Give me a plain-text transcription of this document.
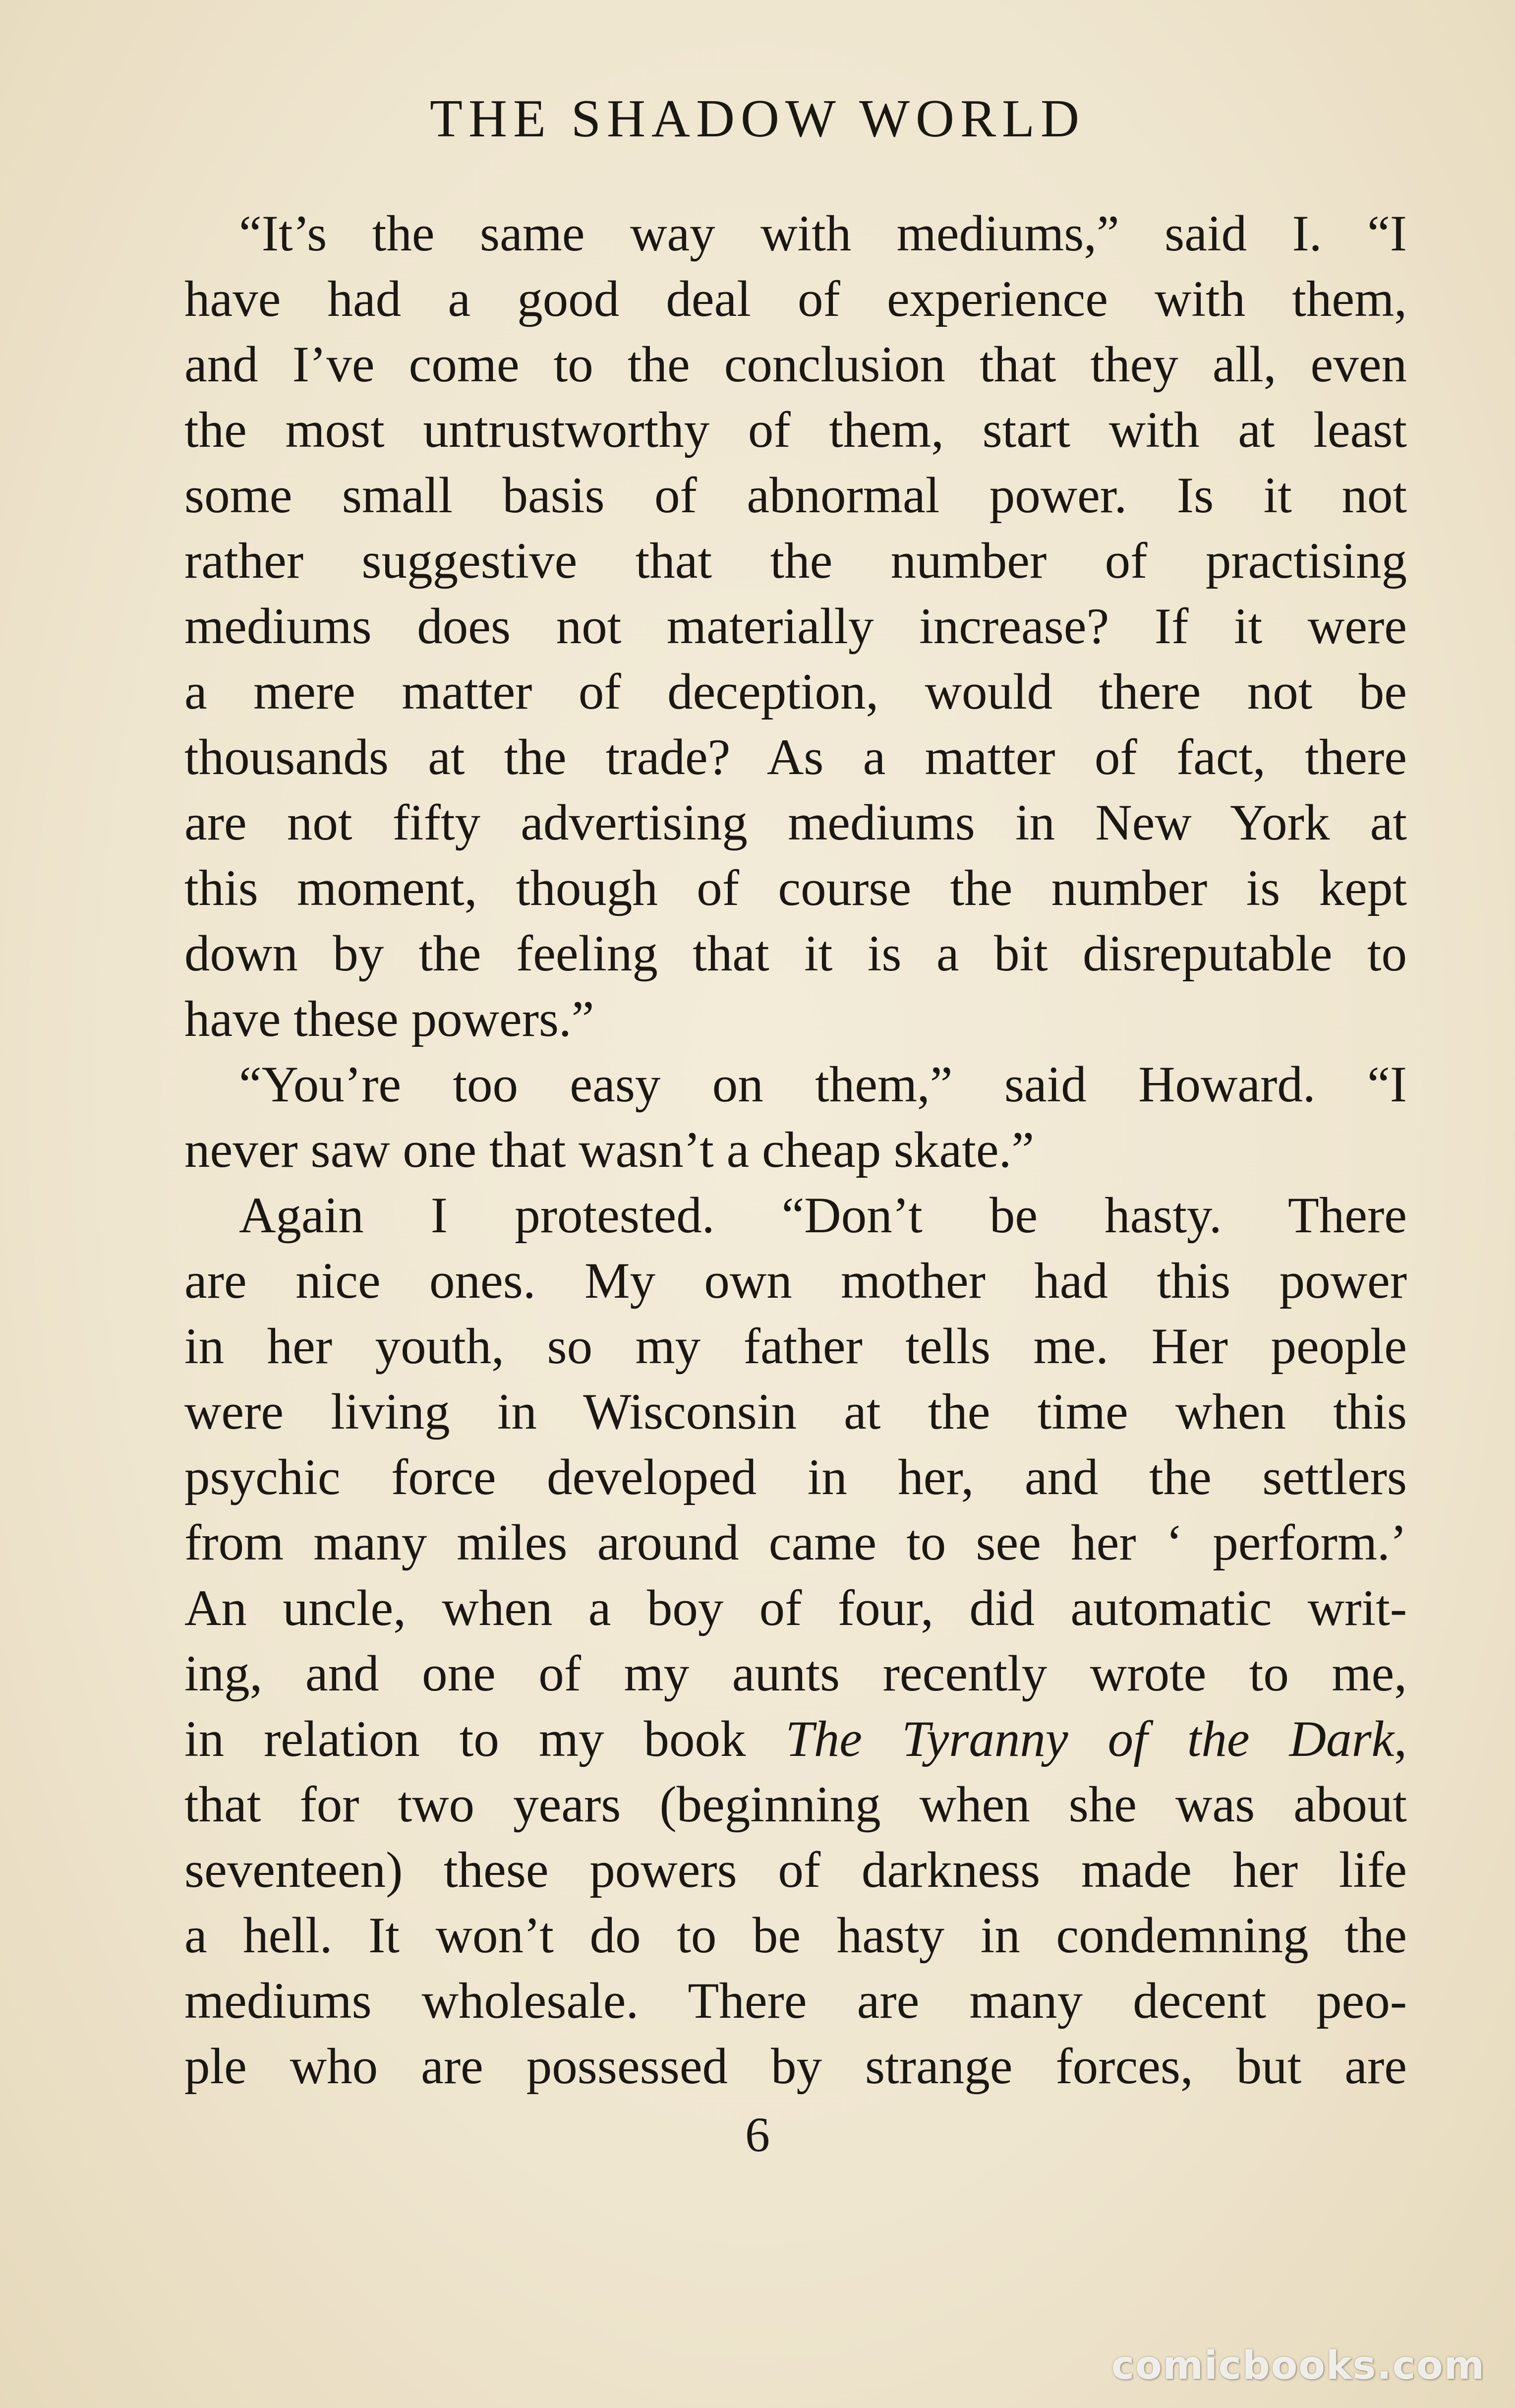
THE SHADOW WORLD
“It’s the same way with mediums,” said I. “I
have had a good deal of experience with them,
and I’ve come to the conclusion that they all, even
the most untrustworthy of them, start with at least
some small basis of abnormal power. Is it not
rather suggestive that the number of practising
mediums does not materially increase? If it were
a mere matter of deception, would there not be
thousands at the trade? As a matter of fact, there
are not fifty advertising mediums in New York at
this moment, though of course the number is kept
down by the feeling that it is a bit disreputable to
have these powers.”
“You’re too easy on them,” said Howard. “I
never saw one that wasn’t a cheap skate.”
Again I protested. “Don’t be hasty. There
are nice ones. My own mother had this power
in her youth, so my father tells me. Her people
were living in Wisconsin at the time when this
psychic force developed in her, and the settlers
from many miles around came to see her ‘ perform.’
An uncle, when a boy of four, did automatic writ-
ing, and one of my aunts recently wrote to me,
in relation to my book The Tyranny of the Dark,
that for two years (beginning when she was about
seventeen) these powers of darkness made her life
a hell. It won’t do to be hasty in condemning the
mediums wholesale. There are many decent peo-
ple who are possessed by strange forces, but are
6
comicbooks.com
